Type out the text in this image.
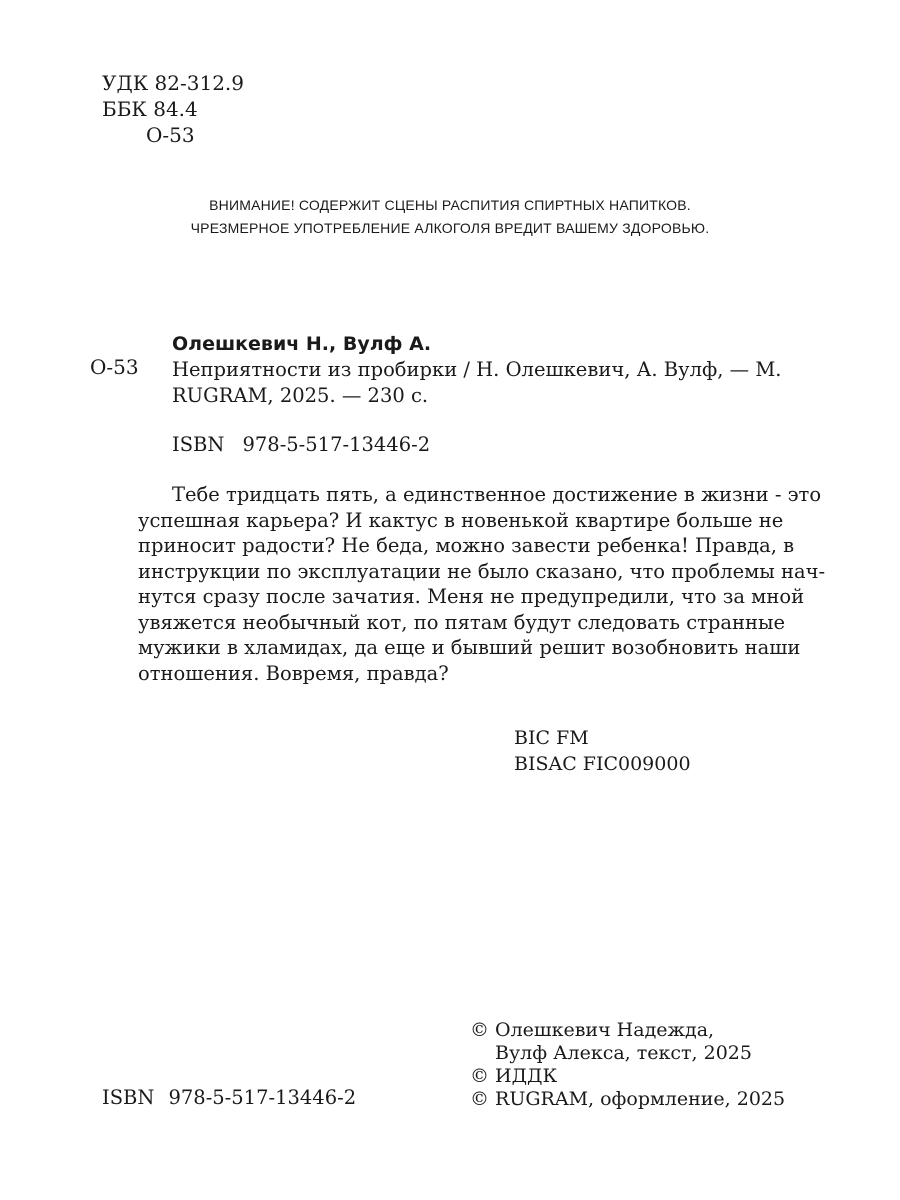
УДК 82-312.9
ББК 84.4
О-53
ВНИМАНИЕ! СОДЕРЖИТ СЦЕНЫ РАСПИТИЯ СПИРТНЫХ НАПИТКОВ.
ЧРЕЗМЕРНОЕ УПОТРЕБЛЕНИЕ АЛКОГОЛЯ ВРЕДИТ ВАШЕМУ ЗДОРОВЬЮ.
О-53
Олешкевич Н., Вулф А.
Неприятности из пробирки / Н. Олешкевич, А. Вулф, — М.
RUGRAM, 2025. — 230 с.
ISBN 978-5-517-13446-2
Тебе тридцать пять, а единственное достижение в жизни - это
успешная карьера? И кактус в новенькой квартире больше не
приносит радости? Не беда, можно завести ребенка! Правда, в
инструкции по эксплуатации не было сказано, что проблемы нач-
нутся сразу после зачатия. Меня не предупредили, что за мной
увяжется необычный кот, по пятам будут следовать странные
мужики в хламидах, да еще и бывший решит возобновить наши
отношения. Вовремя, правда?
BIC FM
BISAC FIC009000
© Олешкевич Надежда,
Вулф Алекса, текст, 2025
© ИДДК
© RUGRAM, оформление, 2025
ISBN 978-5-517-13446-2
